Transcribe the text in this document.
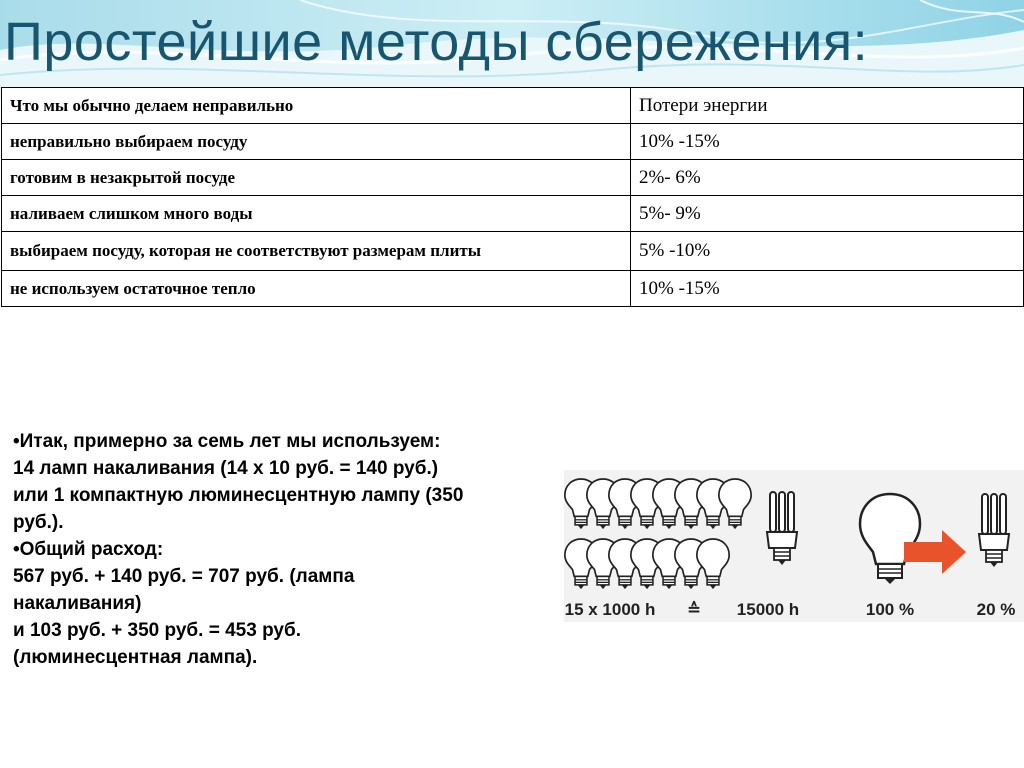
Простейшие методы сбережения:
Что мы обычно делаем неправильно	Потери энергии
неправильно выбираем посуду	10% -15%
готовим в незакрытой посуде	2%- 6%
наливаем слишком много воды	5%- 9%
выбираем посуду, которая не соответствуют размерам плиты	5% -10%
не используем остаточное тепло	10% -15%
•Итак, примерно за семь лет мы используем:
14 ламп накаливания (14 х 10 руб. = 140 руб.)
или 1 компактную люминесцентную лампу (350
руб.).
•Общий расход:
567 руб. + 140 руб. = 707 руб. (лампа
накаливания)
и 103 руб. + 350 руб. = 453 руб.
(люминесцентная лампа).
15 x 1000 h ≙ 15000 h	100 %	20 %
